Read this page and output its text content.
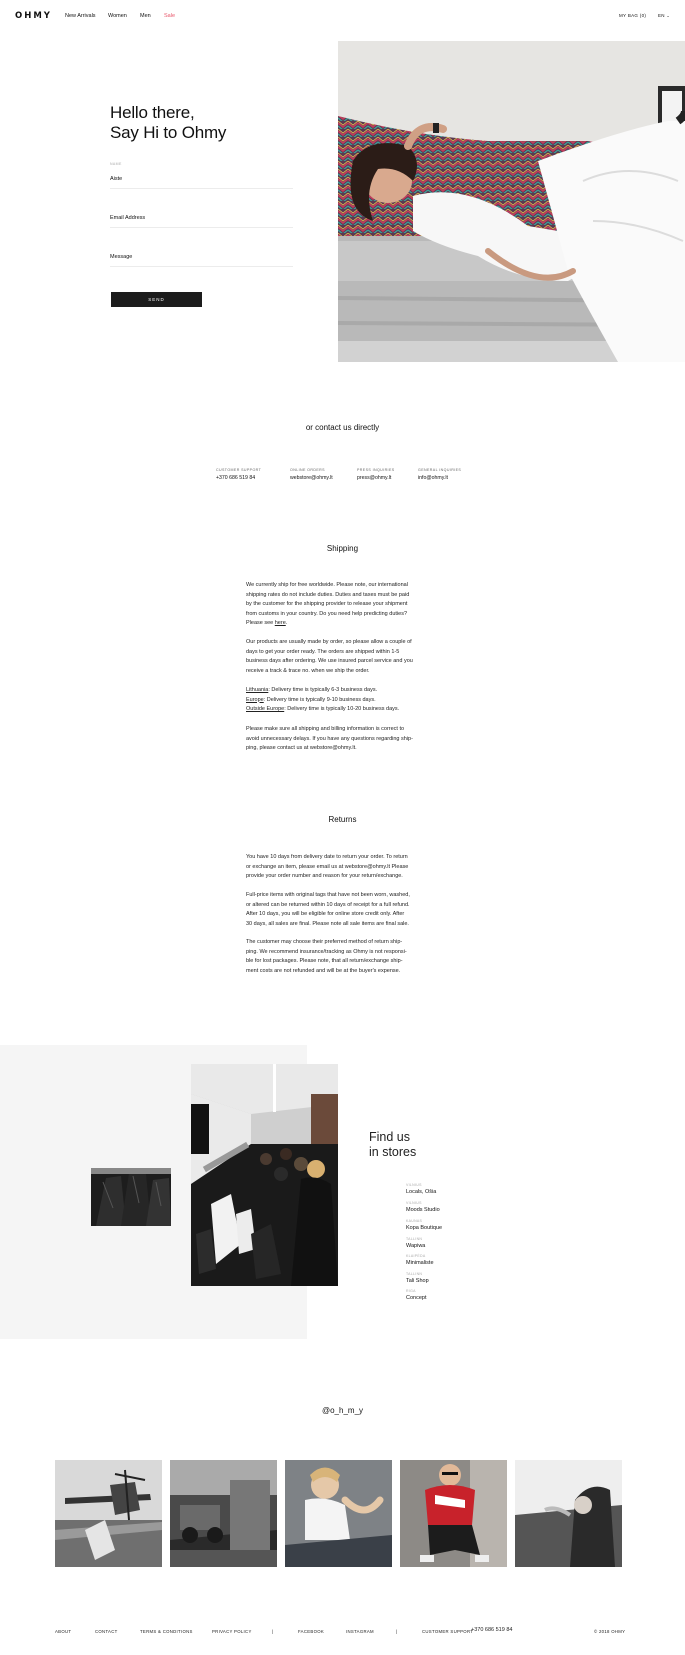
OHMY New Arrivals Women Men Sale	MY BAG (0)	EN ⌄
Hello there,
Say Hi to Ohmy
NAME
Aiste
Email Address
Message
SEND
or contact us directly
CUSTOMER SUPPORT
+370 686 519 84
ONLINE ORDERS
webstore@ohmy.lt
PRESS INQUIRIES
press@ohmy.lt
GENERAL INQUIRIES
info@ohmy.lt
Shipping
We currently ship for free worldwide. Please note, our international
shipping rates do not include duties. Duties and taxes must be paid
by the customer for the shipping provider to release your shipment
from customs in your country. Do you need help predicting duties?
Please see here.
Our products are usually made by order, so please allow a couple of
days to get your order ready. The orders are shipped within 1-5
business days after ordering. We use insured parcel service and you
receive a track & trace no. when we ship the order.
Lithuania: Delivery time is typically 6-3 business days.
Europe: Delivery time is typically 9-10 business days.
Outside Europe: Delivery time is typically 10-20 business days.
Please make sure all shipping and billing information is correct to
avoid unnecessary delays. If you have any questions regarding ship-
ping, please contact us at webstore@ohmy.lt.
Returns
You have 10 days from delivery date to return your order. To return
or exchange an item, please email us at webstore@ohmy.lt Please
provide your order number and reason for your return/exchange.
Full-price items with original tags that have not been worn, washed,
or altered can be returned within 10 days of receipt for a full refund.
After 10 days, you will be eligible for online store credit only. After
30 days, all sales are final. Please note all sale items are final sale.
The customer may choose their preferred method of return ship-
ping. We recommend insurance/tracking as Ohmy is not responsi-
ble for lost packages. Please note, that all return/exchange ship-
ment costs are not refunded and will be at the buyer's expense.
Find us
in stores
VILNIUS
Locals, Ošia
VILNIUS
Moods Studio
KAUNAS
Kopa Boutique
TALLINN
Wapiwa
KLAIPĖDA
Minimaliste
TALLINN
Tali Shop
RIGA
Concept
@o_h_m_y
ABOUT	CONTACT	TERMS & CONDITIONS	PRIVACY POLICY	|	FACEBOOK	INSTAGRAM	|	CUSTOMER SUPPORT
+370 686 519 84	© 2018 OHMY
